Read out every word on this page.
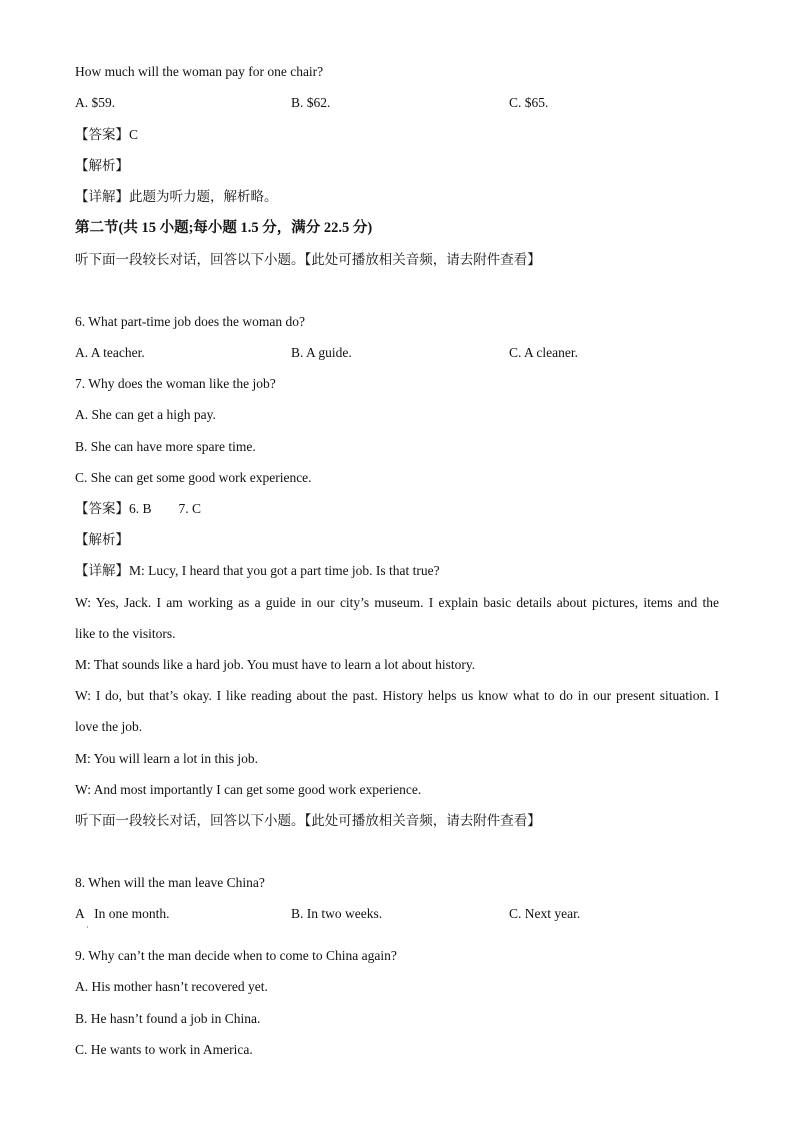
How much will the woman pay for one chair?
A. $59.	B. $62.	C. $65.
【答案】C
【解析】
【详解】此题为听力题，解析略。
第二节(共 15 小题;每小题 1.5 分，满分 22.5 分)
听下面一段较长对话，回答以下小题。【此处可播放相关音频，请去附件查看】
6. What part-time job does the woman do?
A. A teacher.	B. A guide.	C. A cleaner.
7. Why does the woman like the job?
A. She can get a high pay.
B. She can have more spare time.
C. She can get some good work experience.
【答案】6. B        7. C
【解析】
【详解】M: Lucy, I heard that you got a part time job. Is that true?
W: Yes, Jack. I am working as a guide in our city’s museum. I explain basic details about pictures, items and the
like to the visitors.
M: That sounds like a hard job. You must have to learn a lot about history.
W: I do, but that’s okay. I like reading about the past. History helps us know what to do in our present situation. I
love the job.
M: You will learn a lot in this job.
W: And most importantly I can get some good work experience.
听下面一段较长对话，回答以下小题。【此处可播放相关音频，请去附件查看】
8. When will the man leave China?
A   In one month.
·
B. In two weeks.	C. Next year.
9. Why can’t the man decide when to come to China again?
A. His mother hasn’t recovered yet.
B. He hasn’t found a job in China.
C. He wants to work in America.
